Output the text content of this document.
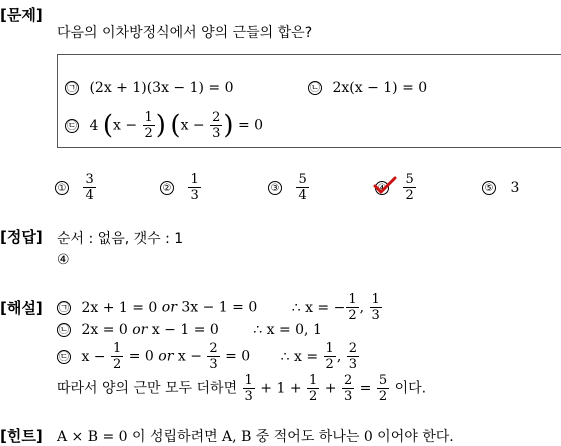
[문제]
[정답]
[해설]
[힌트]
다음의 이차방정식에서 양의 근들의 합은?
㉠ (2x + 1)(3x − 1) = 0	㉡ 2x(x − 1) = 0
㉢ 4 ($x - \frac{1}{2}$ ) ($x - \frac{2}{3}$ ) = 0
① $\frac{3}{4}$	② $\frac{1}{3}$	③ $\frac{5}{4}$	④ $\frac{5}{2}$	⑤ 3
순서 : 없음, 갯수 : 1
④
㉠ 2x + 1 = 0 or 3x − 1 = 0 ∴ x = − $\frac{1}{2}$ , $\frac{1}{3}$
㉡ 2x = 0 or x − 1 = 0 ∴ x = 0, 1
㉢ $x - \frac{1}{2} = 0$ or $x - \frac{2}{3} = 0$ ∴ $x = \frac{1}{2}$ , $\frac{2}{3}$
따라서 양의 근만 모두 더하면 $\frac{1}{3} + 1 + \frac{1}{2} + \frac{2}{3} = \frac{5}{2}$ 이다.
A × B = 0 이 성립하려면 A, B 중 적어도 하나는 0 이어야 한다.
